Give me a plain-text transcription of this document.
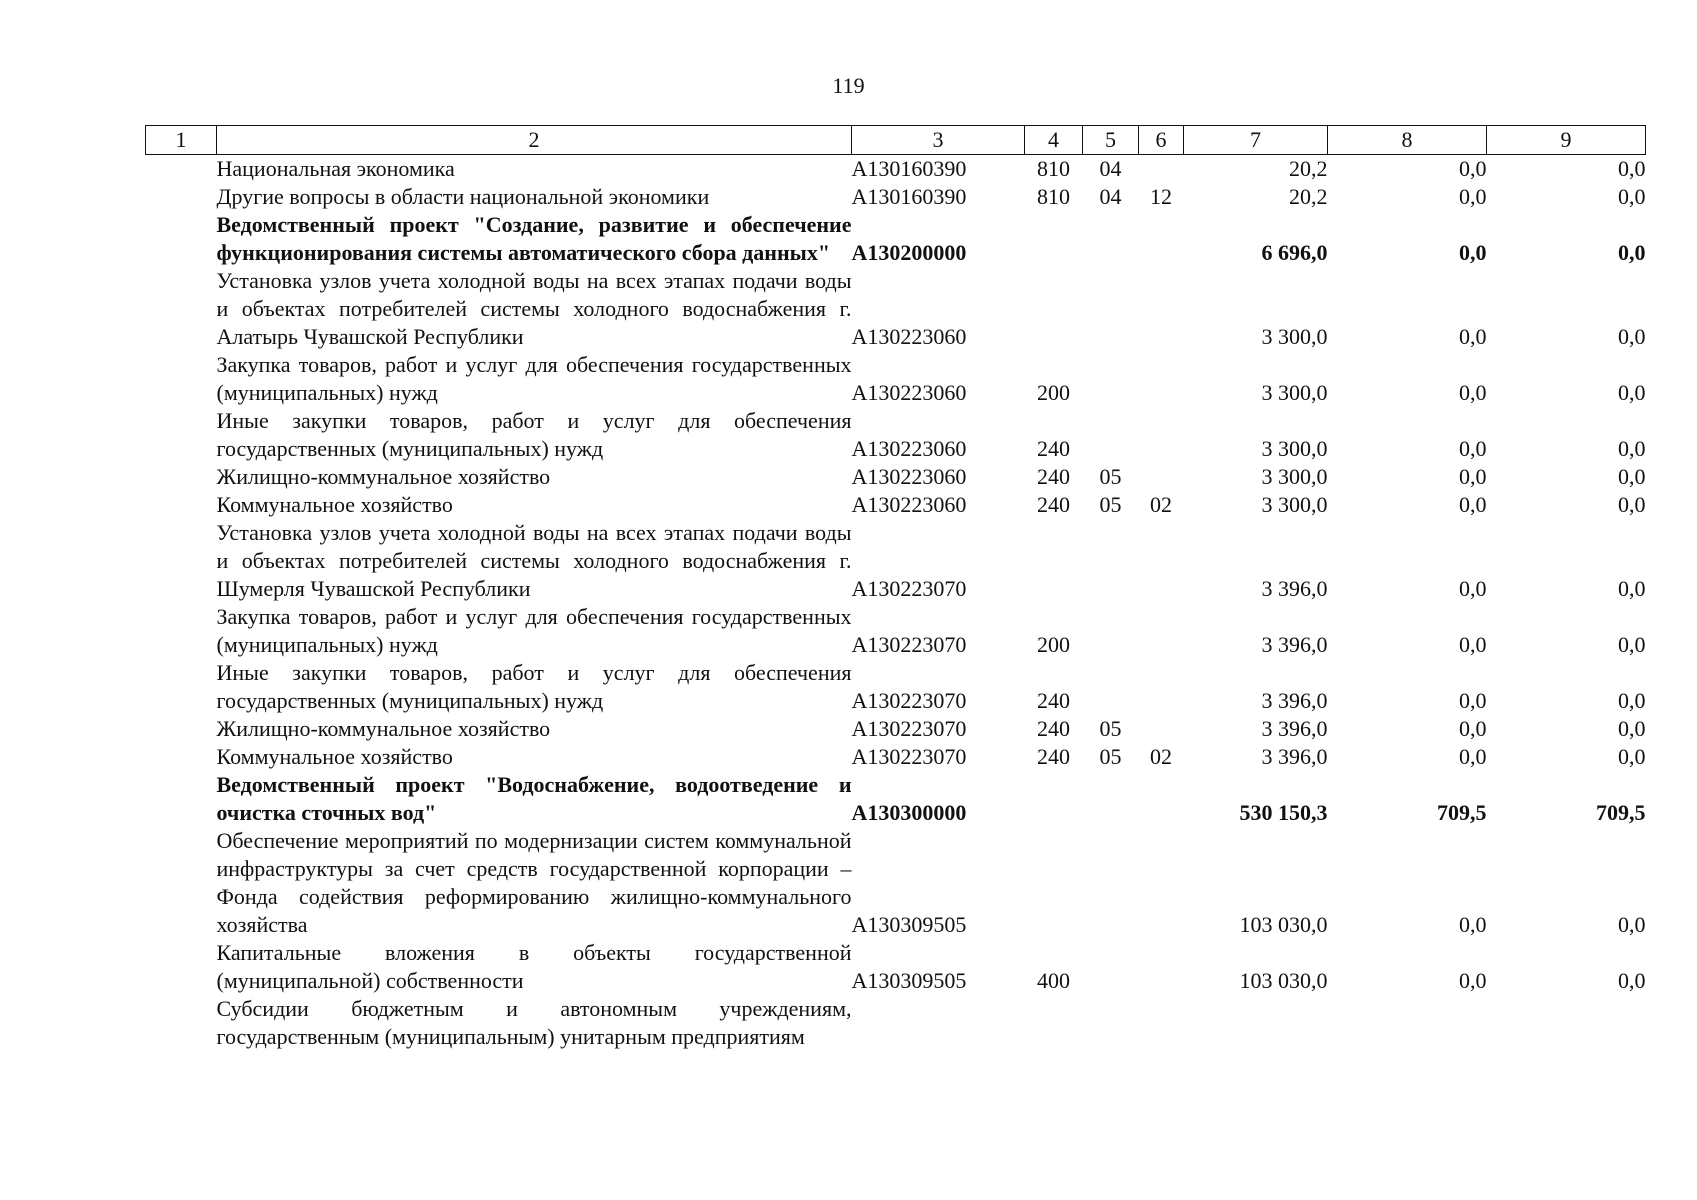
119
1	2	3	4	5	6	7	8	9
	Национальная экономика	А130160390	810	04		20,2	0,0	0,0
	Другие вопросы в области национальной экономики	А130160390	810	04	12	20,2	0,0	0,0
	Ведомственный проект "Создание, развитие и обеспечение функционирования системы автоматического сбора данных"	А130200000				6 696,0	0,0	0,0
	Установка узлов учета холодной воды на всех этапах подачи воды и объектах потребителей системы холодного водоснабжения г. Алатырь Чувашской Республики	А130223060				3 300,0	0,0	0,0
	Закупка товаров, работ и услуг для обеспечения государственных (муниципальных) нужд	А130223060	200			3 300,0	0,0	0,0
	Иные закупки товаров, работ и услуг для обеспечения государственных (муниципальных) нужд	А130223060	240			3 300,0	0,0	0,0
	Жилищно-коммунальное хозяйство	А130223060	240	05		3 300,0	0,0	0,0
	Коммунальное хозяйство	А130223060	240	05	02	3 300,0	0,0	0,0
	Установка узлов учета холодной воды на всех этапах подачи воды и объектах потребителей системы холодного водоснабжения г. Шумерля Чувашской Республики	А130223070				3 396,0	0,0	0,0
	Закупка товаров, работ и услуг для обеспечения государственных (муниципальных) нужд	А130223070	200			3 396,0	0,0	0,0
	Иные закупки товаров, работ и услуг для обеспечения государственных (муниципальных) нужд	А130223070	240			3 396,0	0,0	0,0
	Жилищно-коммунальное хозяйство	А130223070	240	05		3 396,0	0,0	0,0
	Коммунальное хозяйство	А130223070	240	05	02	3 396,0	0,0	0,0
	Ведомственный проект "Водоснабжение, водоотведение и очистка сточных вод"	А130300000				530 150,3	709,5	709,5
	Обеспечение мероприятий по модернизации систем коммунальной инфраструктуры за счет средств государственной корпорации – Фонда содействия реформированию жилищно-коммунального хозяйства	А130309505				103 030,0	0,0	0,0
	Капитальные вложения в объекты государственной (муниципальной) собственности	А130309505	400			103 030,0	0,0	0,0
	Субсидии бюджетным и автономным учреждениям, государственным (муниципальным) унитарным предприятиям							
